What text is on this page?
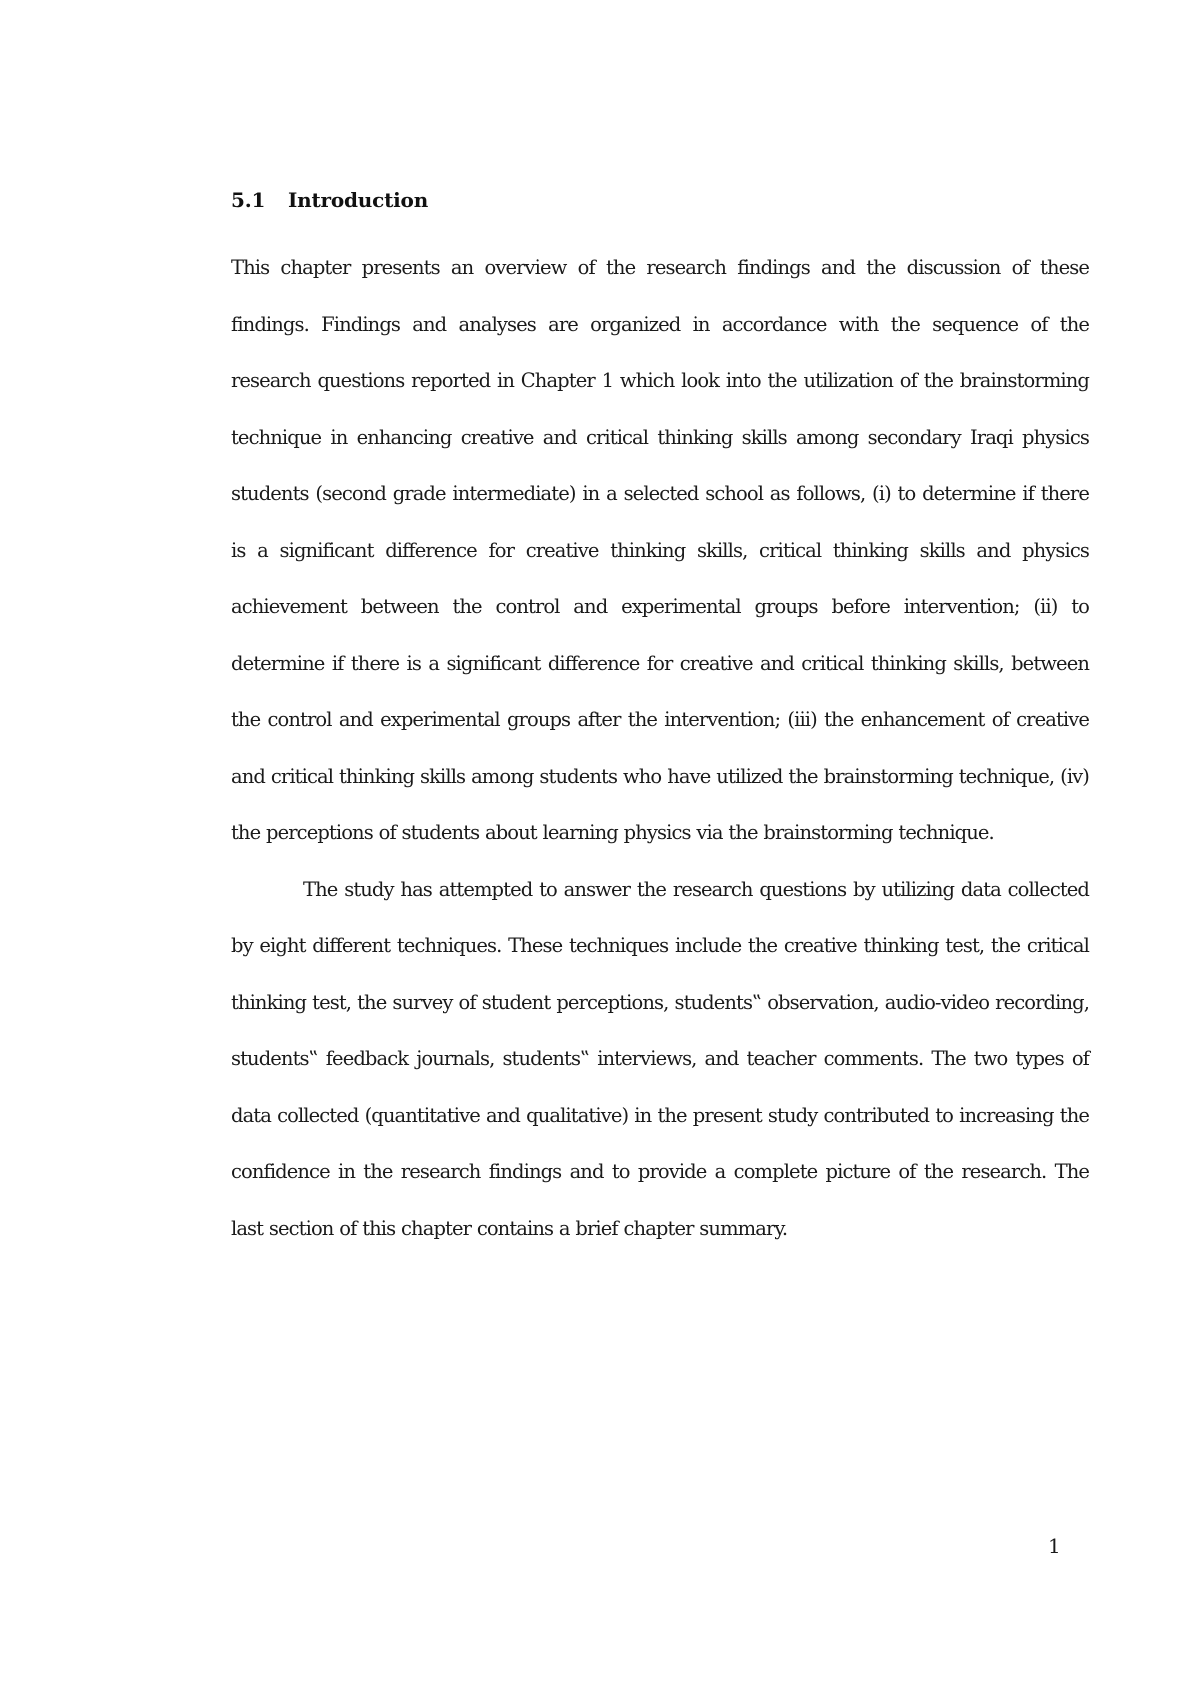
5.1 Introduction

This chapter presents an overview of the research findings and the discussion of these findings. Findings and analyses are organized in accordance with the sequence of the research questions reported in Chapter 1 which look into the utilization of the brainstorming technique in enhancing creative and critical thinking skills among secondary Iraqi physics students (second grade intermediate) in a selected school as follows, (i) to determine if there is a significant difference for creative thinking skills, critical thinking skills and physics achievement between the control and experimental groups before intervention; (ii) to determine if there is a significant difference for creative and critical thinking skills, between the control and experimental groups after the intervention; (iii) the enhancement of creative and critical thinking skills among students who have utilized the brainstorming technique, (iv) the perceptions of students about learning physics via the brainstorming technique.

The study has attempted to answer the research questions by utilizing data collected by eight different techniques. These techniques include the creative thinking test, the critical thinking test, the survey of student perceptions, students‟ observation, audio-video recording, students‟ feedback journals, students‟ interviews, and teacher comments. The two types of data collected (quantitative and qualitative) in the present study contributed to increasing the confidence in the research findings and to provide a complete picture of the research. The last section of this chapter contains a brief chapter summary.

1
